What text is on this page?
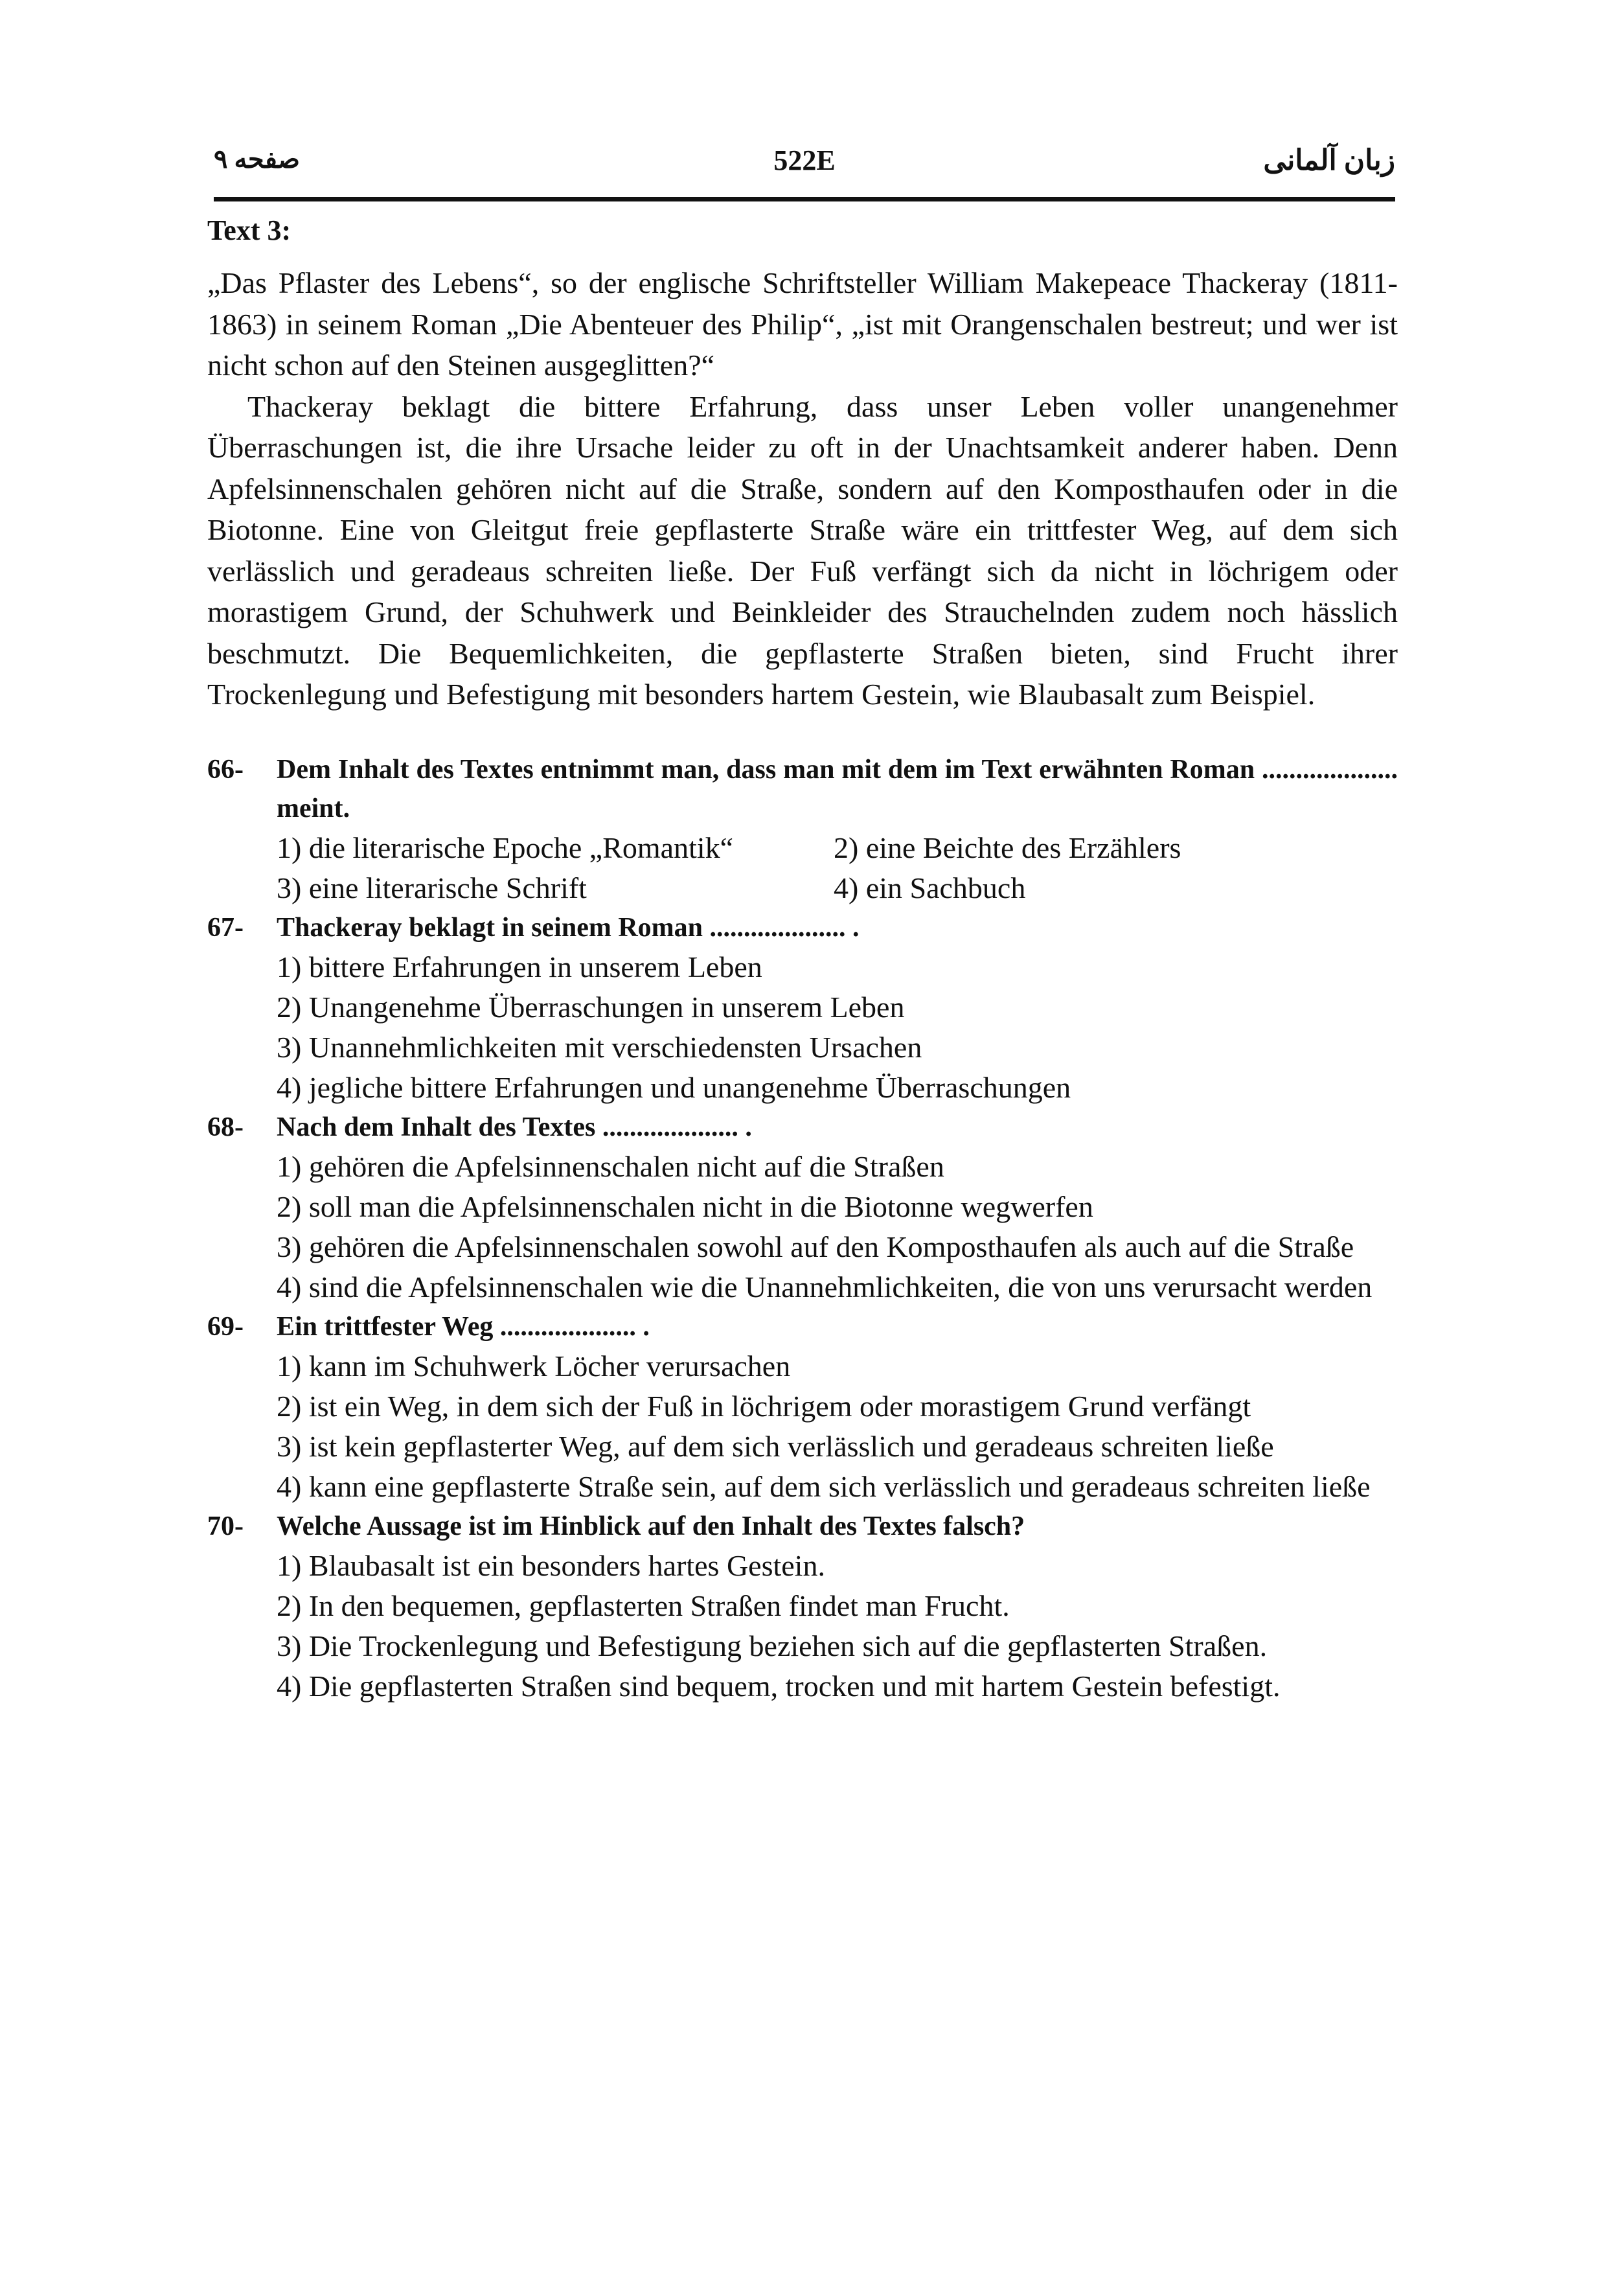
صفحه ۹	522E	زبان آلمانی
Text 3:

„Das Pflaster des Lebens“, so der englische Schriftsteller William Makepeace Thackeray (1811-1863) in seinem Roman „Die Abenteuer des Philip“, „ist mit Orangenschalen bestreut; und wer ist nicht schon auf den Steinen ausgeglitten?“

Thackeray beklagt die bittere Erfahrung, dass unser Leben voller unangenehmer Überraschungen ist, die ihre Ursache leider zu oft in der Unachtsamkeit anderer haben. Denn Apfelsinnenschalen gehören nicht auf die Straße, sondern auf den Komposthaufen oder in die Biotonne. Eine von Gleitgut freie gepflasterte Straße wäre ein trittfester Weg, auf dem sich verlässlich und geradeaus schreiten ließe. Der Fuß verfängt sich da nicht in löchrigem oder morastigem Grund, der Schuhwerk und Beinkleider des Strauchelnden zudem noch hässlich beschmutzt. Die Bequemlichkeiten, die gepflasterte Straßen bieten, sind Frucht ihrer Trockenlegung und Befestigung mit besonders hartem Gestein, wie Blaubasalt zum Beispiel.

66-	Dem Inhalt des Textes entnimmt man, dass man mit dem im Text erwähnten Roman .................... meint.
1) die literarische Epoche „Romantik“	2) eine Beichte des Erzählers
3) eine literarische Schrift	4) ein Sachbuch
67-	Thackeray beklagt in seinem Roman .................... .
1) bittere Erfahrungen in unserem Leben
2) Unangenehme Überraschungen in unserem Leben
3) Unannehmlichkeiten mit verschiedensten Ursachen
4) jegliche bittere Erfahrungen und unangenehme Überraschungen
68-	Nach dem Inhalt des Textes .................... .
1) gehören die Apfelsinnenschalen nicht auf die Straßen
2) soll man die Apfelsinnenschalen nicht in die Biotonne wegwerfen
3) gehören die Apfelsinnenschalen sowohl auf den Komposthaufen als auch auf die Straße
4) sind die Apfelsinnenschalen wie die Unannehmlichkeiten, die von uns verursacht werden
69-	Ein trittfester Weg .................... .
1) kann im Schuhwerk Löcher verursachen
2) ist ein Weg, in dem sich der Fuß in löchrigem oder morastigem Grund verfängt
3) ist kein gepflasterter Weg, auf dem sich verlässlich und geradeaus schreiten ließe
4) kann eine gepflasterte Straße sein, auf dem sich verlässlich und geradeaus schreiten ließe
70-	Welche Aussage ist im Hinblick auf den Inhalt des Textes falsch?
1) Blaubasalt ist ein besonders hartes Gestein.
2) In den bequemen, gepflasterten Straßen findet man Frucht.
3) Die Trockenlegung und Befestigung beziehen sich auf die gepflasterten Straßen.
4) Die gepflasterten Straßen sind bequem, trocken und mit hartem Gestein befestigt.
